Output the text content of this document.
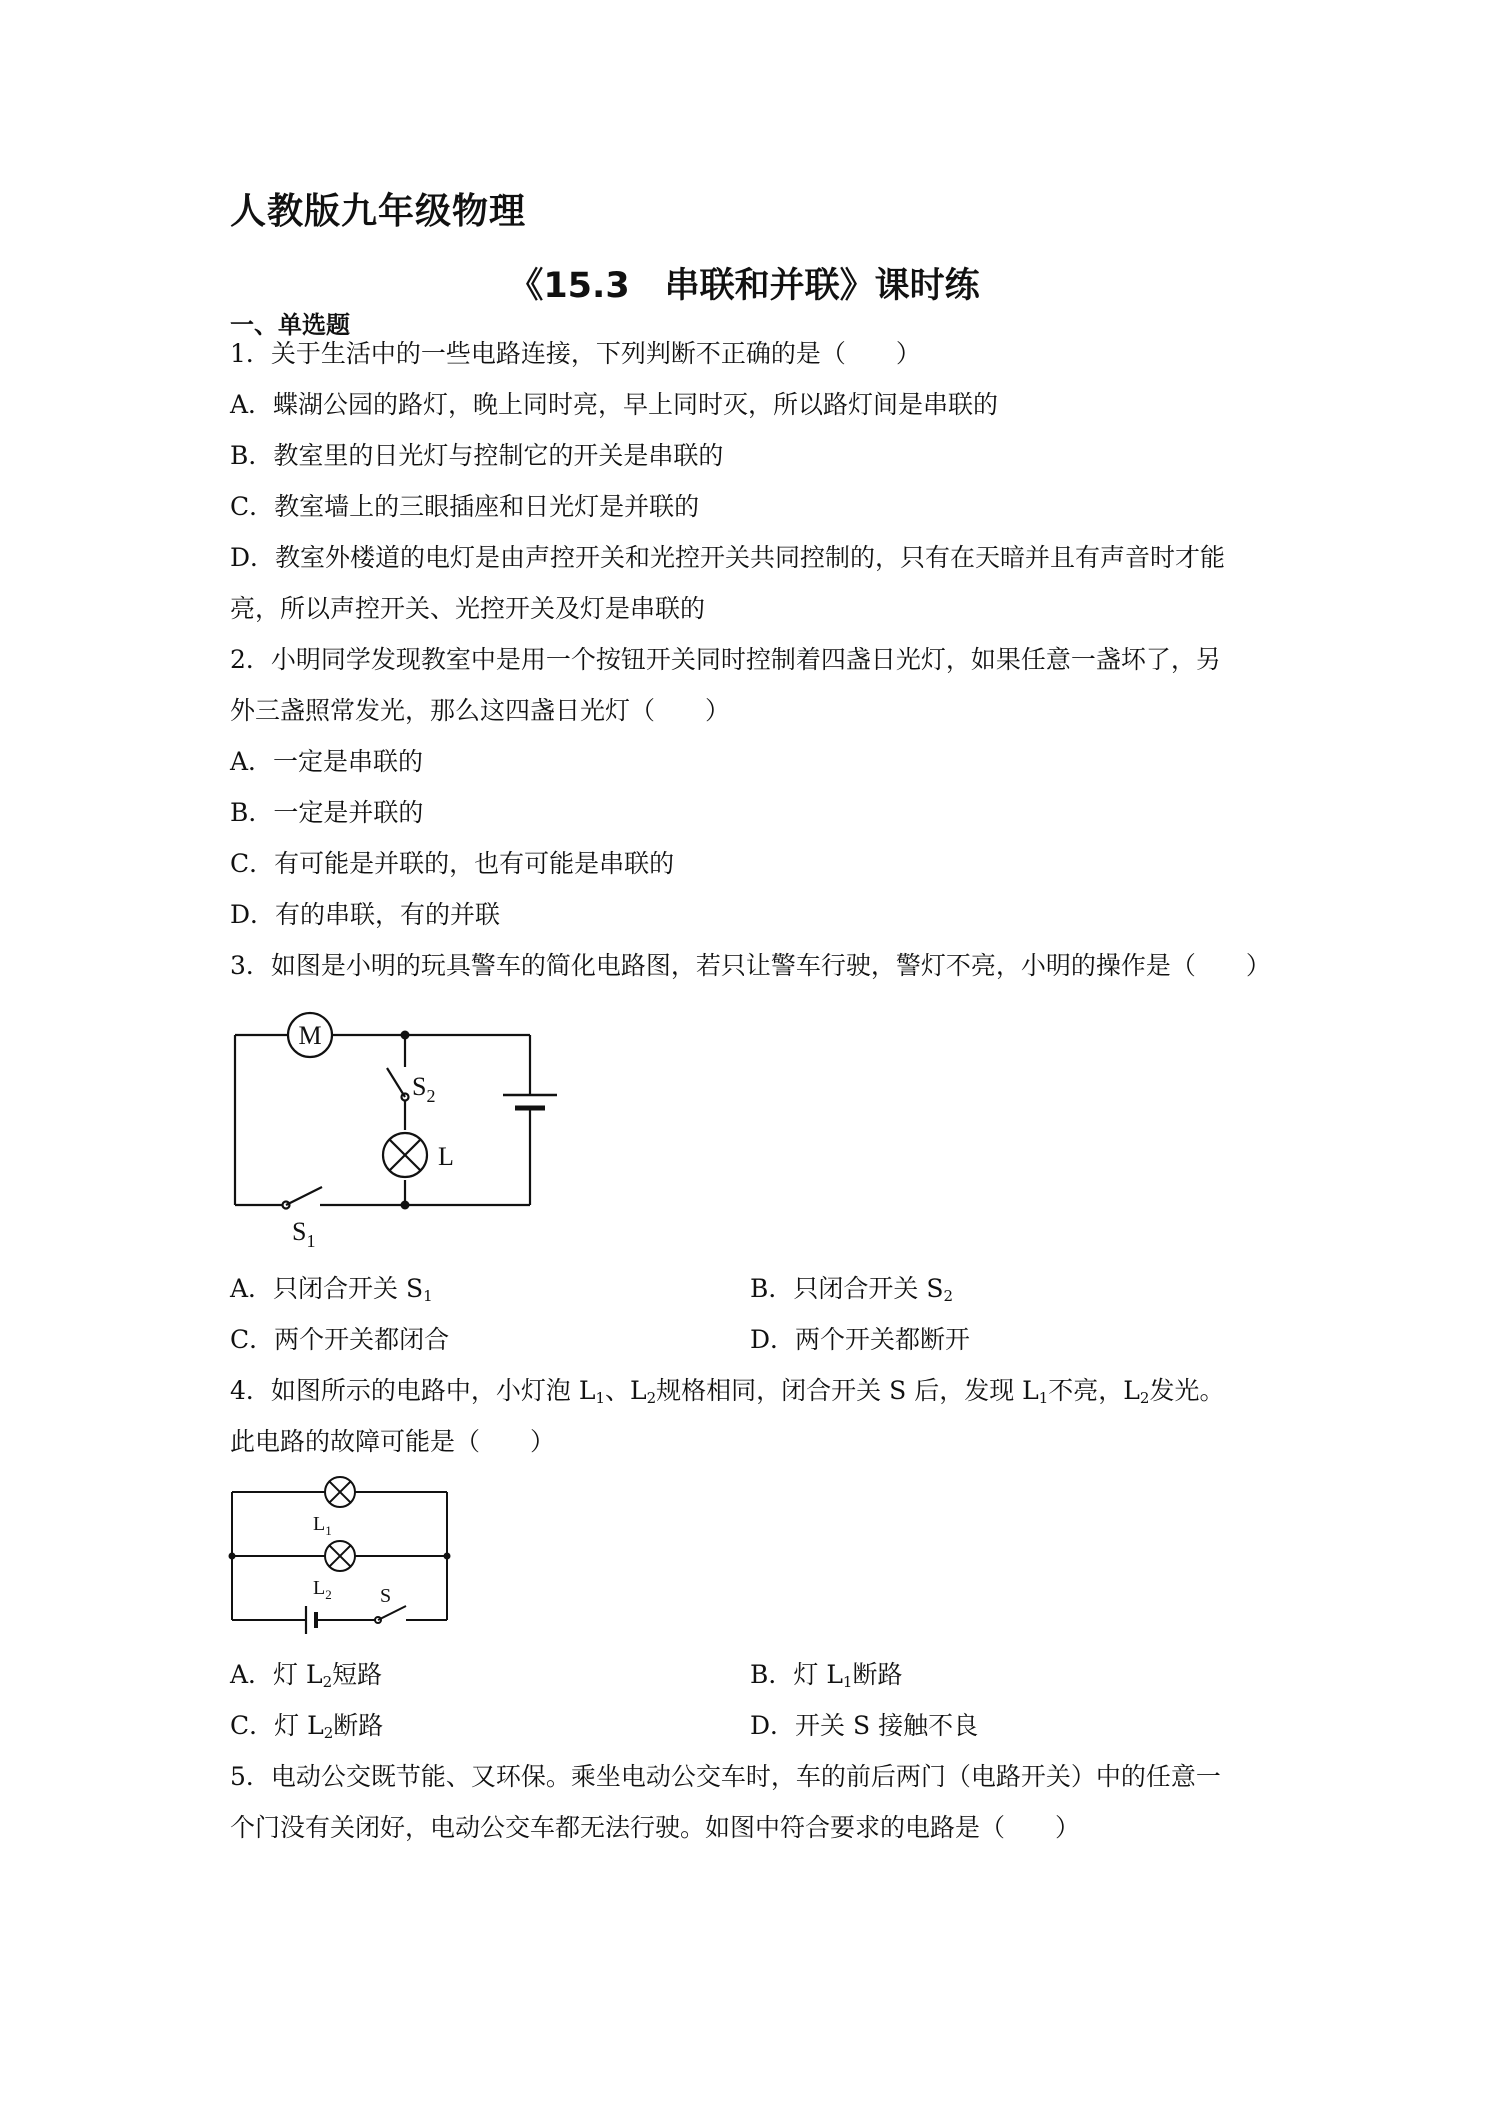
人教版九年级物理
《15.3　串联和并联》课时练
一、单选题
1．关于生活中的一些电路连接，下列判断不正确的是（　　）
A．蝶湖公园的路灯，晚上同时亮，早上同时灭，所以路灯间是串联的
B．教室里的日光灯与控制它的开关是串联的
C．教室墙上的三眼插座和日光灯是并联的
D．教室外楼道的电灯是由声控开关和光控开关共同控制的，只有在天暗并且有声音时才能
亮，所以声控开关、光控开关及灯是串联的
2．小明同学发现教室中是用一个按钮开关同时控制着四盏日光灯，如果任意一盏坏了，另
外三盏照常发光，那么这四盏日光灯（　　）
A．一定是串联的
B．一定是并联的
C．有可能是并联的，也有可能是串联的
D．有的串联，有的并联
3．如图是小明的玩具警车的简化电路图，若只让警车行驶，警灯不亮，小明的操作是（　　）
M
$S_2$
L
$S_1$
A．只闭合开关 $S_1$	B．只闭合开关 $S_2$
C．两个开关都闭合	D．两个开关都断开
4．如图所示的电路中，小灯泡 $L_1$、$L_2$规格相同，闭合开关 S 后，发现 $L_1$不亮，$L_2$发光。
此电路的故障可能是（　　）
$L_1$
$L_2$ S
A．灯 $L_2$短路	B．灯 $L_1$断路
C．灯 $L_2$断路	D．开关 S 接触不良
5．电动公交既节能、又环保。乘坐电动公交车时，车的前后两门（电路开关）中的任意一
个门没有关闭好，电动公交车都无法行驶。如图中符合要求的电路是（　　）
